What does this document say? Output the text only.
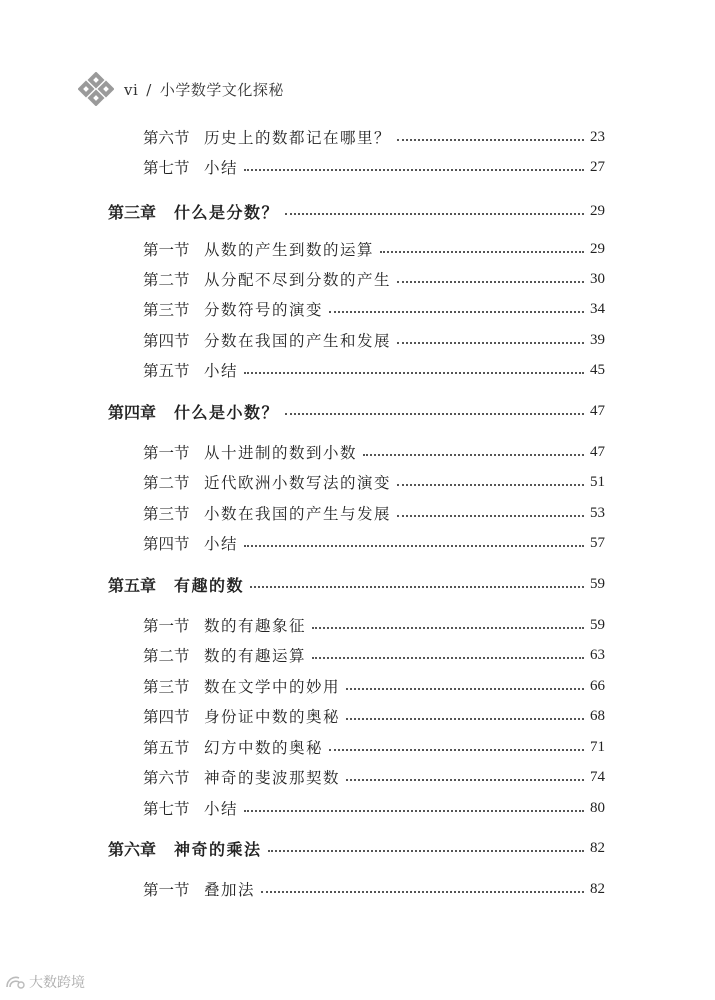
vi / 小学数学文化探秘
第六节 历史上的数都记在哪里？	23
第七节 小结	27
第三章	什么是分数？	29
第一节 从数的产生到数的运算	29
第二节 从分配不尽到分数的产生	30
第三节 分数符号的演变	34
第四节 分数在我国的产生和发展	39
第五节 小结	45
第四章	什么是小数？	47
第一节 从十进制的数到小数	47
第二节 近代欧洲小数写法的演变	51
第三节 小数在我国的产生与发展	53
第四节 小结	57
第五章	有趣的数	59
第一节 数的有趣象征	59
第二节 数的有趣运算	63
第三节 数在文学中的妙用	66
第四节 身份证中数的奥秘	68
第五节 幻方中数的奥秘	71
第六节 神奇的斐波那契数	74
第七节 小结	80
第六章	神奇的乘法	82
第一节 叠加法	82
大数跨境
